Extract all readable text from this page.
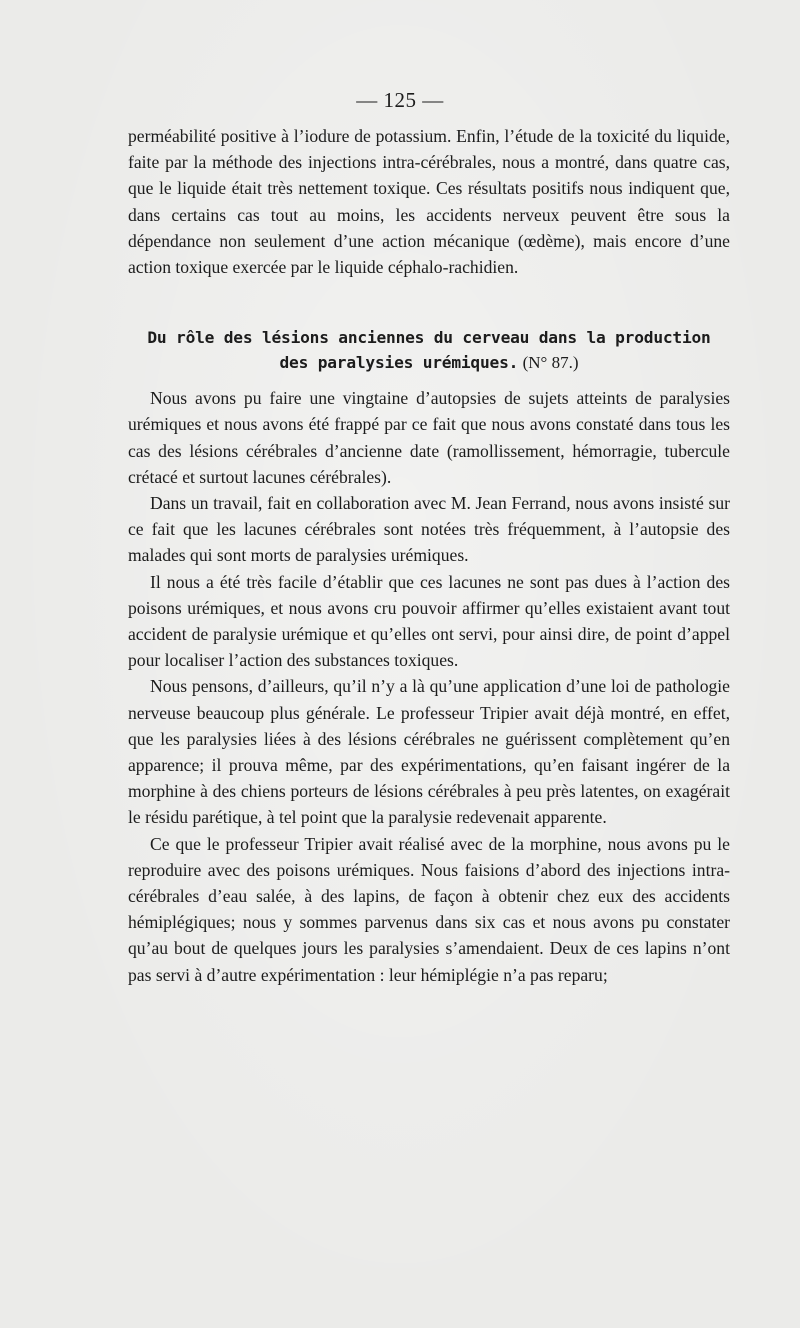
— 125 —

perméabilité positive à l’iodure de potassium. Enfin, l’étude de la toxicité du liquide, faite par la méthode des injections intra-cérébrales, nous a montré, dans quatre cas, que le liquide était très nettement toxique. Ces résultats positifs nous indiquent que, dans certains cas tout au moins, les accidents nerveux peuvent être sous la dépendance non seulement d’une action mécanique (œdème), mais encore d’une action toxique exercée par le liquide céphalo-rachidien.

Du rôle des lésions anciennes du cerveau dans la production
des paralysies urémiques. (N° 87.)

Nous avons pu faire une vingtaine d’autopsies de sujets atteints de paralysies urémiques et nous avons été frappé par ce fait que nous avons constaté dans tous les cas des lésions cérébrales d’ancienne date (ramollissement, hémorragie, tubercule crétacé et surtout lacunes cérébrales).

Dans un travail, fait en collaboration avec M. Jean Ferrand, nous avons insisté sur ce fait que les lacunes cérébrales sont notées très fréquemment, à l’autopsie des malades qui sont morts de paralysies urémiques.

Il nous a été très facile d’établir que ces lacunes ne sont pas dues à l’action des poisons urémiques, et nous avons cru pouvoir affirmer qu’elles existaient avant tout accident de paralysie urémique et qu’elles ont servi, pour ainsi dire, de point d’appel pour localiser l’action des substances toxiques.

Nous pensons, d’ailleurs, qu’il n’y a là qu’une application d’une loi de pathologie nerveuse beaucoup plus générale. Le professeur Tripier avait déjà montré, en effet, que les paralysies liées à des lésions cérébrales ne guérissent complètement qu’en apparence; il prouva même, par des expérimentations, qu’en faisant ingérer de la morphine à des chiens porteurs de lésions cérébrales à peu près latentes, on exagérait le résidu parétique, à tel point que la paralysie redevenait apparente.

Ce que le professeur Tripier avait réalisé avec de la morphine, nous avons pu le reproduire avec des poisons urémiques. Nous faisions d’abord des injections intra-cérébrales d’eau salée, à des lapins, de façon à obtenir chez eux des accidents hémiplégiques; nous y sommes parvenus dans six cas et nous avons pu constater qu’au bout de quelques jours les paralysies s’amendaient. Deux de ces lapins n’ont pas servi à d’autre expérimentation : leur hémiplégie n’a pas reparu;
